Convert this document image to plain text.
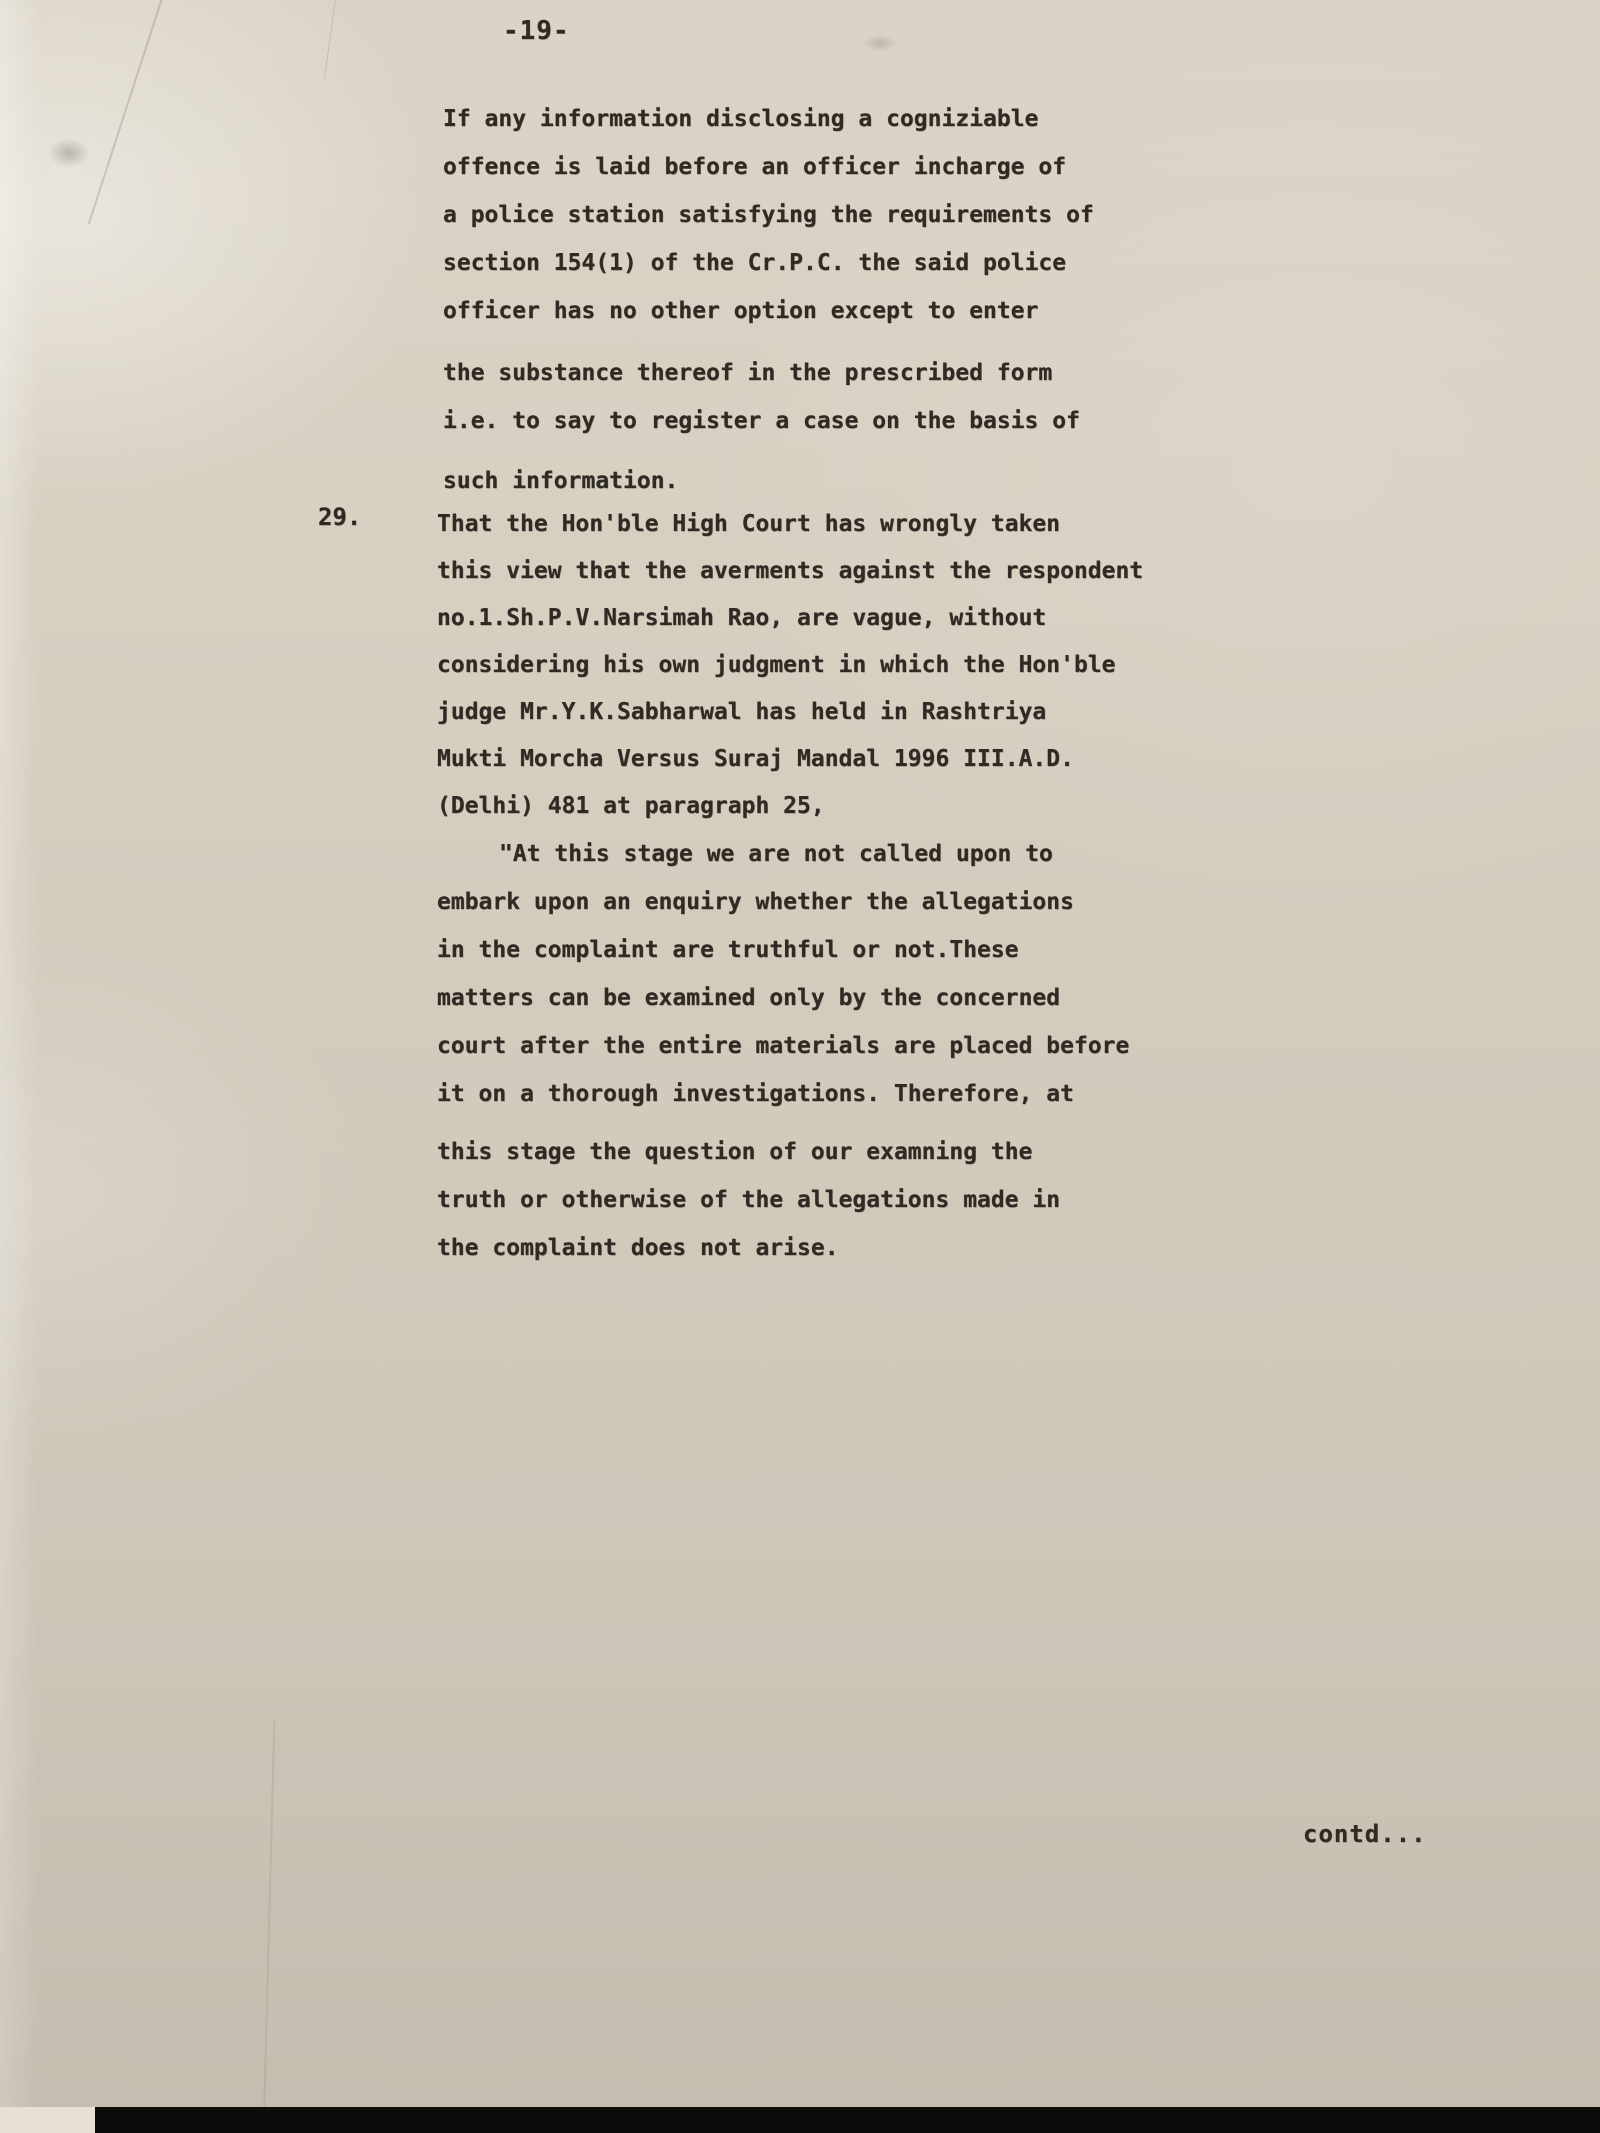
-19-
If any information disclosing a cogniziable
offence is laid before an officer incharge of
a police station satisfying the requirements of
section 154(1) of the Cr.P.C. the said police
officer has no other option except to enter
the substance thereof in the prescribed form
i.e. to say to register a case on the basis of
such information.
29.	That the Hon'ble High Court has wrongly taken
this view that the averments against the respondent
no.1.Sh.P.V.Narsimah Rao, are vague, without
considering his own judgment in which the Hon'ble
judge Mr.Y.K.Sabharwal has held in Rashtriya
Mukti Morcha Versus Suraj Mandal 1996 III.A.D.
(Delhi) 481 at paragraph 25,
"At this stage we are not called upon to
embark upon an enquiry whether the allegations
in the complaint are truthful or not.These
matters can be examined only by the concerned
court after the entire materials are placed before
it on a thorough investigations. Therefore, at
this stage the question of our examning the
truth or otherwise of the allegations made in
the complaint does not arise.
contd...
